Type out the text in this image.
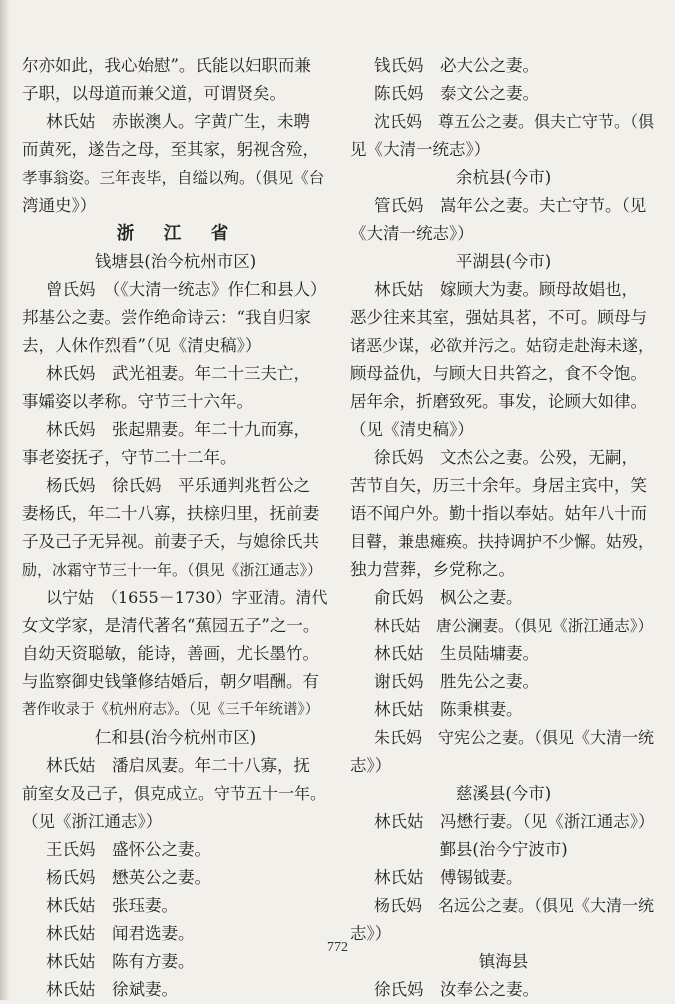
尔亦如此，我心始慰”。氏能以妇职而兼

子职，以母道而兼父道，可谓贤矣。

林氏姑　赤嵌澳人。字黄广生，未聘

而黄死，遂告之母，至其家，躬视含殓，

孝事翁姿。三年丧毕，自缢以殉。（俱见《台

湾通史》）

浙　江　省

钱塘县(治今杭州市区)

曾氏妈　（《大清一统志》作仁和县人）

邦基公之妻。尝作绝命诗云：“我自归家

去，人休作烈看”（见《清史稿》）

林氏妈　武光祖妻。年二十三夫亡，

事孀姿以孝称。守节三十六年。

林氏妈　张起鼎妻。年二十九而寡，

事老姿抚孑，守节二十二年。

杨氏妈　徐氏妈　平乐通判兆哲公之

妻杨氏，年二十八寡，扶榇归里，抚前妻

子及己子无异视。前妻子夭，与媳徐氏共

励，冰霜守节三十一年。（俱见《浙江通志》）

以宁姑　（1655－1730）字亚清。清代

女文学家，是清代著名“蕉园五子”之一。

自幼天资聪敏，能诗，善画，尤长墨竹。

与监察御史钱肇修结婚后，朝夕唱酬。有

著作收录于《杭州府志》。（见《三千年统谱》）

仁和县(治今杭州市区)

林氏姑　潘启凤妻。年二十八寡，抚

前室女及己子，俱克成立。守节五十一年。

（见《浙江通志》）

王氏妈　盛怀公之妻。

杨氏妈　懋英公之妻。

林氏姑　张珏妻。

林氏姑　闻君选妻。

林氏姑　陈有方妻。

林氏姑　徐斌妻。

钱氏妈　必大公之妻。

陈氏妈　泰文公之妻。

沈氏妈　尊五公之妻。俱夫亡守节。（俱

见《大清一统志》）

余杭县(今市)

管氏妈　嵩年公之妻。夫亡守节。（见

《大清一统志》）

平湖县(今市)

林氏姑　嫁顾大为妻。顾母故娼也，

恶少往来其室，强姑具茗，不可。顾母与

诸恶少谋，必欲并污之。姑窃走赴海未遂，

顾母益仇，与顾大日共笞之，食不令饱。

居年余，折磨致死。事发，论顾大如律。

（见《清史稿》）

徐氏妈　文杰公之妻。公殁，无嗣，

苦节自矢，历三十余年。身居主宾中，笑

语不闻户外。勤十指以奉姑。姑年八十而

目瞽，兼患瘫痪。扶持调护不少懈。姑殁，

独力营葬，乡党称之。

俞氏妈　枫公之妻。

林氏姑　唐公澜妻。（俱见《浙江通志》）

林氏姑　生员陆墉妻。

谢氏妈　胜先公之妻。

林氏姑　陈秉棋妻。

朱氏妈　守宪公之妻。（俱见《大清一统

志》）

慈溪县(今市)

林氏姑　冯懋行妻。（见《浙江通志》）

鄞县(治今宁波市)

林氏姑　傅锡钺妻。

杨氏妈　名远公之妻。（俱见《大清一统

志》）

镇海县

徐氏妈　汝奉公之妻。

772
